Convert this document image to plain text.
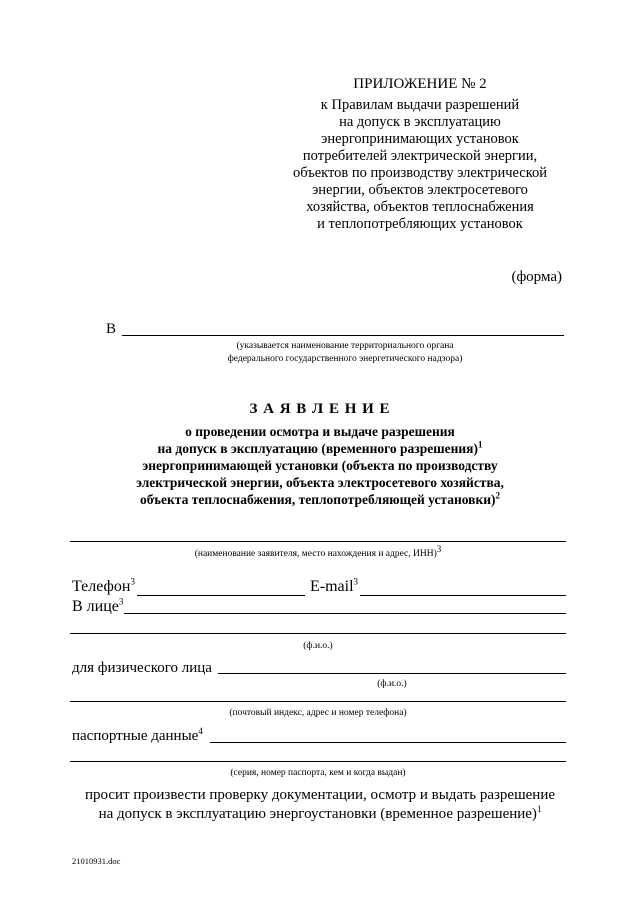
ПРИЛОЖЕНИЕ № 2
к Правилам выдачи разрешений
на допуск в эксплуатацию
энергопринимающих установок
потребителей электрической энергии,
объектов по производству электрической
энергии, объектов электросетевого
хозяйства, объектов теплоснабжения
и теплопотребляющих установок
(форма)
В
(указывается наименование территориального органа
федерального государственного энергетического надзора)
З А Я В Л Е Н И Е
о проведении осмотра и выдаче разрешения
на допуск в эксплуатацию (временного разрешения)$^1$
энергопринимающей установки (объекта по производству
электрической энергии, объекта электросетевого хозяйства,
объекта теплоснабжения, теплопотребляющей установки)$^2$
(наименование заявителя, место нахождения и адрес, ИНН)$^3$
Телефон$^3$	E-mail$^3$
В лице$^3$
(ф.и.о.)
для физического лица
(ф.и.о.)
(почтовый индекс, адрес и номер телефона)
паспортные данные$^4$
(серия, номер паспорта, кем и когда выдан)
просит произвести проверку документации, осмотр и выдать разрешение
на допуск в эксплуатацию энергоустановки (временное разрешение)$^1$
21010931.doc
